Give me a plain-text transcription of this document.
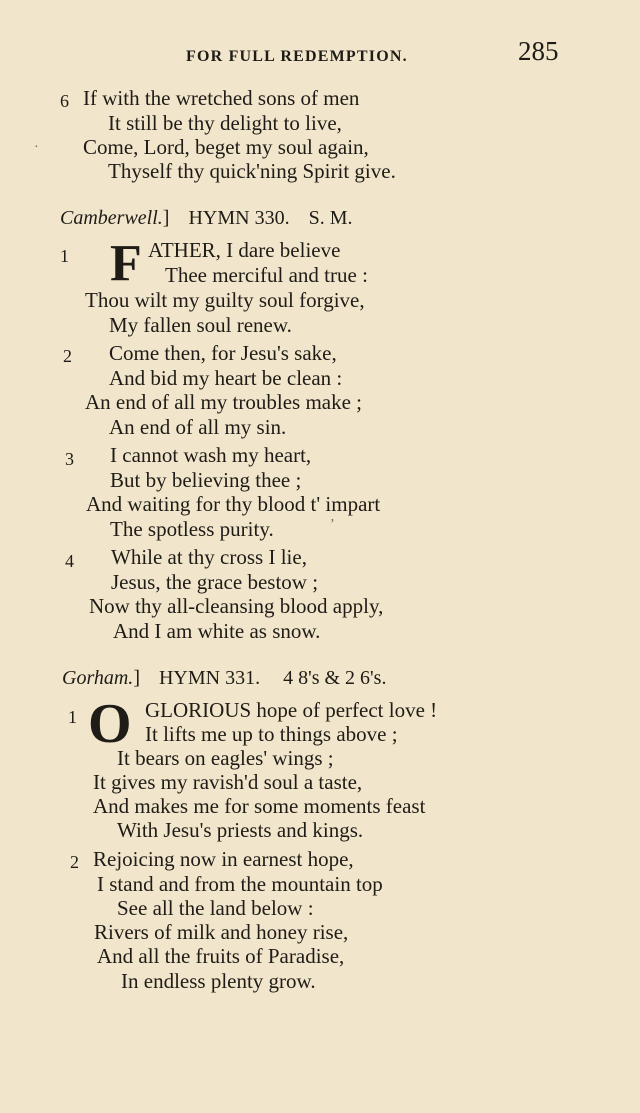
FOR FULL REDEMPTION.	285
6 If with the wretched sons of men
It still be thy delight to live,
Come, Lord, beget my soul again,
Thyself thy quick'ning Spirit give.
Camberwell.] HYMN 330. S. M.
1 F ATHER, I dare believe
Thee merciful and true :
Thou wilt my guilty soul forgive,
My fallen soul renew.
2 Come then, for Jesu's sake,
And bid my heart be clean :
An end of all my troubles make ;
An end of all my sin.
3 I cannot wash my heart,
But by believing thee ;
And waiting for thy blood t' impart
The spotless purity.	’
4 While at thy cross I lie,
Jesus, the grace bestow ;
Now thy all-cleansing blood apply,
And I am white as snow.
Gorham.] HYMN 331. 4 8's & 2 6's.
1 O GLORIOUS hope of perfect love !
It lifts me up to things above ;
It bears on eagles' wings ;
It gives my ravish'd soul a taste,
And makes me for some moments feast
With Jesu's priests and kings.
2 Rejoicing now in earnest hope,
I stand and from the mountain top
See all the land below :
Rivers of milk and honey rise,
And all the fruits of Paradise,
In endless plenty grow.
·
